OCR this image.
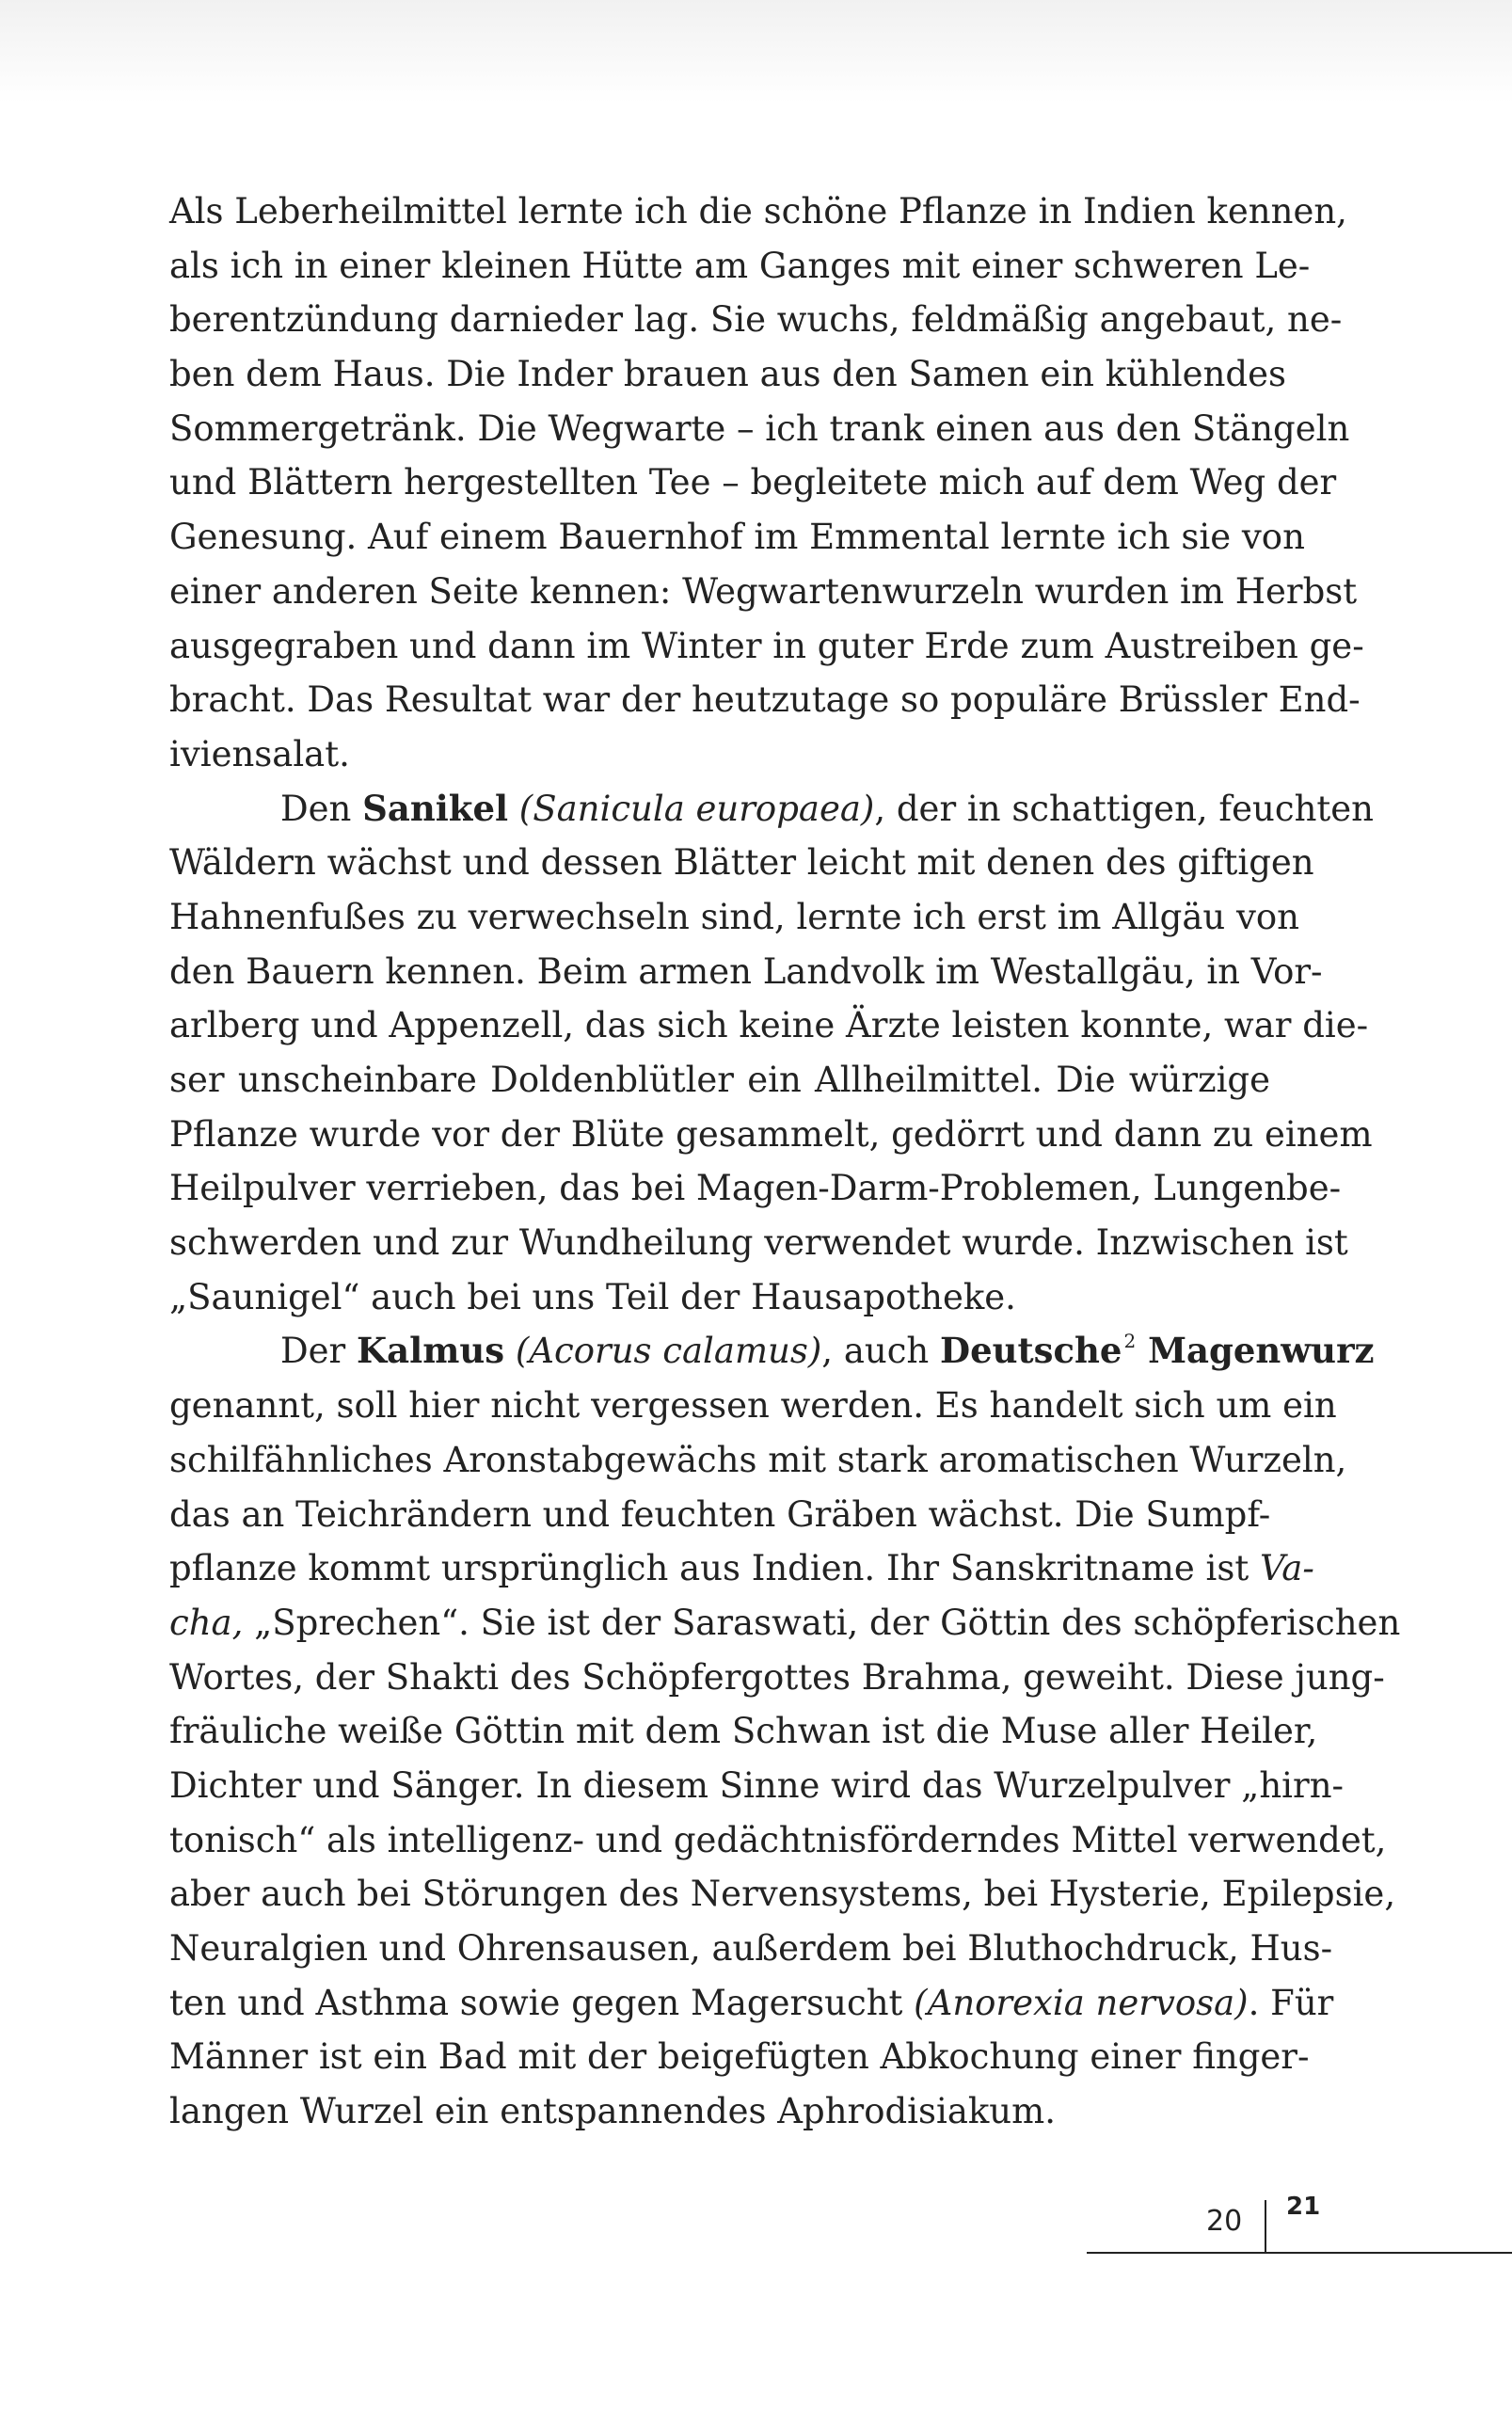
Als Leberheilmittel lernte ich die schöne Pflanze in Indien kennen,
als ich in einer kleinen Hütte am Ganges mit einer schweren Le-
berentzündung darnieder lag. Sie wuchs, feldmäßig angebaut, ne-
ben dem Haus. Die Inder brauen aus den Samen ein kühlendes
Sommergetränk. Die Wegwarte – ich trank einen aus den Stängeln
und Blättern hergestellten Tee – begleitete mich auf dem Weg der
Genesung. Auf einem Bauernhof im Emmental lernte ich sie von
einer anderen Seite kennen: Wegwartenwurzeln wurden im Herbst
ausgegraben und dann im Winter in guter Erde zum Austreiben ge-
bracht. Das Resultat war der heutzutage so populäre Brüssler End-
iviensalat.
Den Sanikel (Sanicula europaea), der in schattigen, feuchten
Wäldern wächst und dessen Blätter leicht mit denen des giftigen
Hahnenfußes zu verwechseln sind, lernte ich erst im Allgäu von
den Bauern kennen. Beim armen Landvolk im Westallgäu, in Vor-
arlberg und Appenzell, das sich keine Ärzte leisten konnte, war die-
ser unscheinbare Doldenblütler ein Allheilmittel. Die würzige
Pflanze wurde vor der Blüte gesammelt, gedörrt und dann zu einem
Heilpulver verrieben, das bei Magen-Darm-Problemen, Lungenbe-
schwerden und zur Wundheilung verwendet wurde. Inzwischen ist
„Saunigel“ auch bei uns Teil der Hausapotheke.
Der Kalmus (Acorus calamus), auch Deutsche $^2$ Magenwurz
genannt, soll hier nicht vergessen werden. Es handelt sich um ein
schilfähnliches Aronstabgewächs mit stark aromatischen Wurzeln,
das an Teichrändern und feuchten Gräben wächst. Die Sumpf-
pflanze kommt ursprünglich aus Indien. Ihr Sanskritname ist Va-
cha, „Sprechen“. Sie ist der Saraswati, der Göttin des schöpferischen
Wortes, der Shakti des Schöpfergottes Brahma, geweiht. Diese jung-
fräuliche weiße Göttin mit dem Schwan ist die Muse aller Heiler,
Dichter und Sänger. In diesem Sinne wird das Wurzelpulver „hirn-
tonisch“ als intelligenz- und gedächtnisförderndes Mittel verwendet,
aber auch bei Störungen des Nervensystems, bei Hysterie, Epilepsie,
Neuralgien und Ohrensausen, außerdem bei Bluthochdruck, Hus-
ten und Asthma sowie gegen Magersucht (Anorexia nervosa). Für
Männer ist ein Bad mit der beigefügten Abkochung einer finger-
langen Wurzel ein entspannendes Aphrodisiakum.
20 21
